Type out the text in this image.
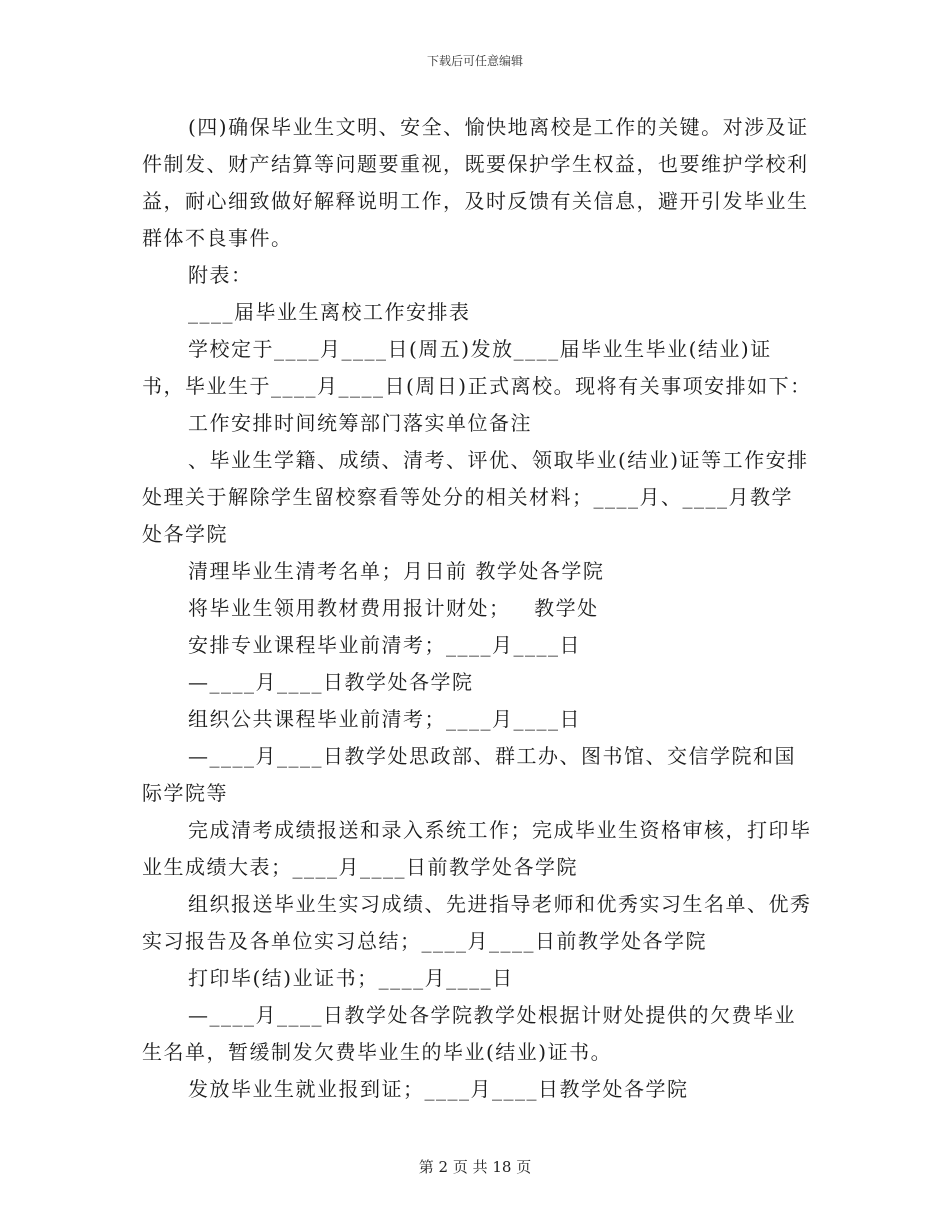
下载后可任意编辑

(四)确保毕业生文明、安全、愉快地离校是工作的关键。对涉及证件制发、财产结算等问题要重视，既要保护学生权益，也要维护学校利益，耐心细致做好解释说明工作，及时反馈有关信息，避开引发毕业生群体不良事件。

附表：

____届毕业生离校工作安排表

学校定于____月____日(周五)发放____届毕业生毕业(结业)证书，毕业生于____月____日(周日)正式离校。现将有关事项安排如下：

工作安排时间统筹部门落实单位备注

、毕业生学籍、成绩、清考、评优、领取毕业(结业)证等工作安排 处理关于解除学生留校察看等处分的相关材料；____月、____月教学处各学院

清理毕业生清考名单；月日前 教学处各学院

将毕业生领用教材费用报计财处；   教学处

安排专业课程毕业前清考；____月____日

—____月____日教学处各学院

组织公共课程毕业前清考；____月____日

—____月____日教学处思政部、群工办、图书馆、交信学院和国际学院等

完成清考成绩报送和录入系统工作；完成毕业生资格审核，打印毕业生成绩大表；____月____日前教学处各学院

组织报送毕业生实习成绩、先进指导老师和优秀实习生名单、优秀实习报告及各单位实习总结；____月____日前教学处各学院

打印毕(结)业证书；____月____日

—____月____日教学处各学院教学处根据计财处提供的欠费毕业生名单，暂缓制发欠费毕业生的毕业(结业)证书。

发放毕业生就业报到证；____月____日教学处各学院

第 2 页 共 18 页
